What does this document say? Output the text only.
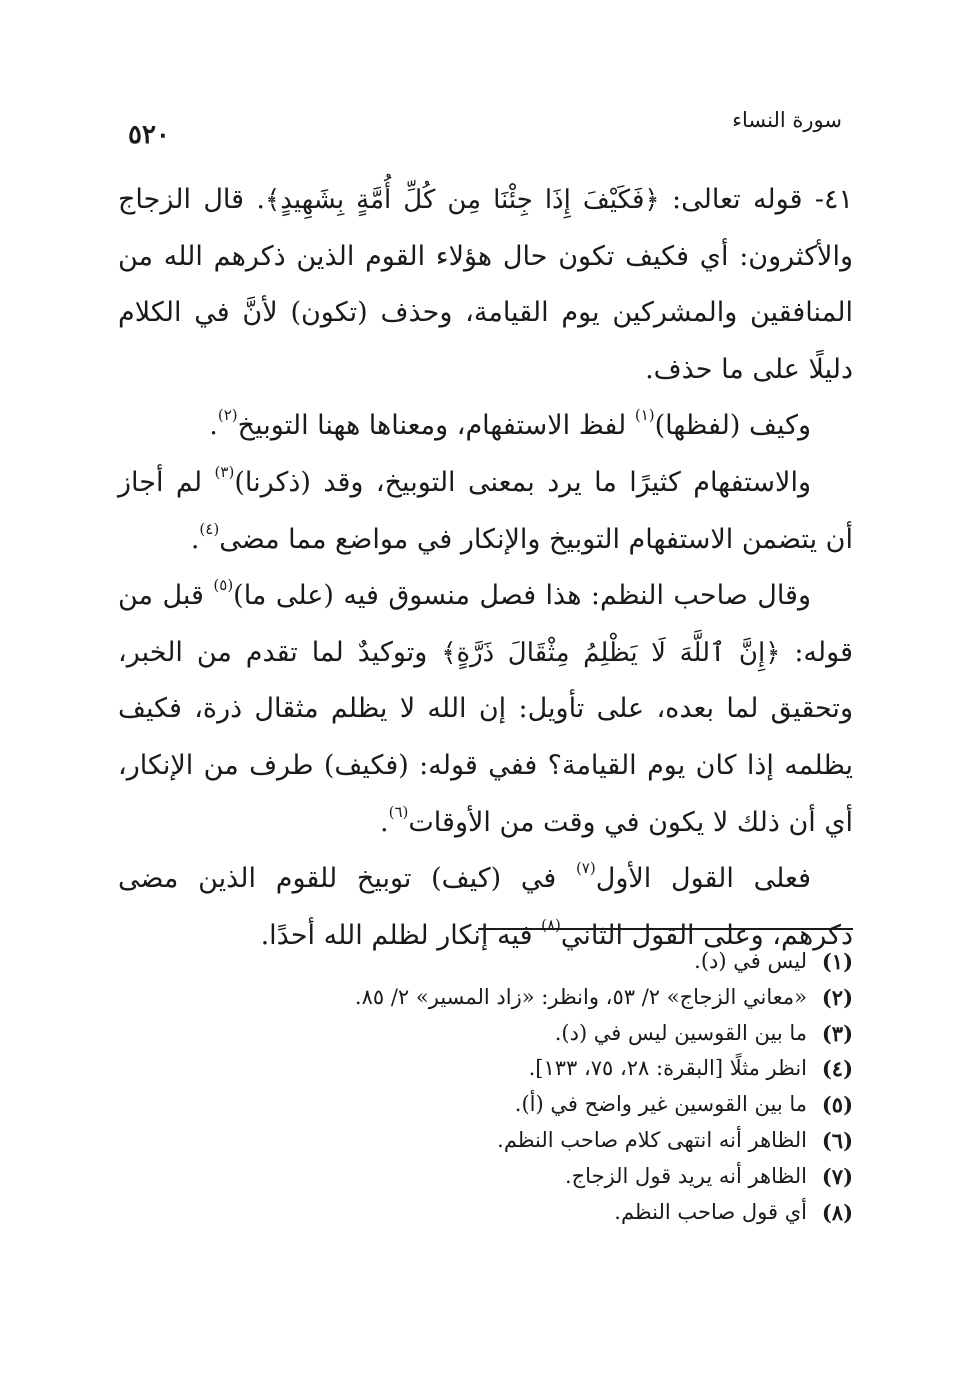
٥٢٠	سورة النساء

٤١- قوله تعالى: ﴿فَكَيْفَ إِذَا جِئْنَا مِن كُلِّ أُمَّةٍ بِشَهِيدٍ﴾. قال الزجاج والأكثرون: أي فكيف تكون حال هؤلاء القوم الذين ذكرهم الله من المنافقين والمشركين يوم القيامة، وحذف (تكون) لأنَّ في الكلام دليلًا على ما حذف.

وكيف (لفظها)$^{(١)}$ لفظ الاستفهام، ومعناها ههنا التوبيخ$^{(٢)}$.

والاستفهام كثيرًا ما يرد بمعنى التوبيخ، وقد (ذكرنا)$^{(٣)}$ لم أجاز أن يتضمن الاستفهام التوبيخ والإنكار في مواضع مما مضى$^{(٤)}$.

وقال صاحب النظم: هذا فصل منسوق فيه (على ما)$^{(٥)}$ قبل من قوله: ﴿إِنَّ ٱللَّهَ لَا يَظْلِمُ مِثْقَالَ ذَرَّةٍ﴾ وتوكيدٌ لما تقدم من الخبر، وتحقيق لما بعده، على تأويل: إن الله لا يظلم مثقال ذرة، فكيف يظلمه إذا كان يوم القيامة؟ ففي قوله: (فكيف) طرف من الإنكار، أي أن ذلك لا يكون في وقت من الأوقات$^{(٦)}$.

فعلى القول الأول$^{(٧)}$ في (كيف) توبيخ للقوم الذين مضى ذكرهم، وعلى القول الثاني$^{(٨)}$ فيه إنكار لظلم الله أحدًا.

(١)
ليس في (د).
(٢)
«معاني الزجاج» ٢/ ٥٣، وانظر: «زاد المسير» ٢/ ٨٥.
(٣)
ما بين القوسين ليس في (د).
(٤)
انظر مثلًا [البقرة: ٢٨، ٧٥، ١٣٣].
(٥)
ما بين القوسين غير واضح في (أ).
(٦)
الظاهر أنه انتهى كلام صاحب النظم.
(٧)
الظاهر أنه يريد قول الزجاج.
(٨)
أي قول صاحب النظم.
